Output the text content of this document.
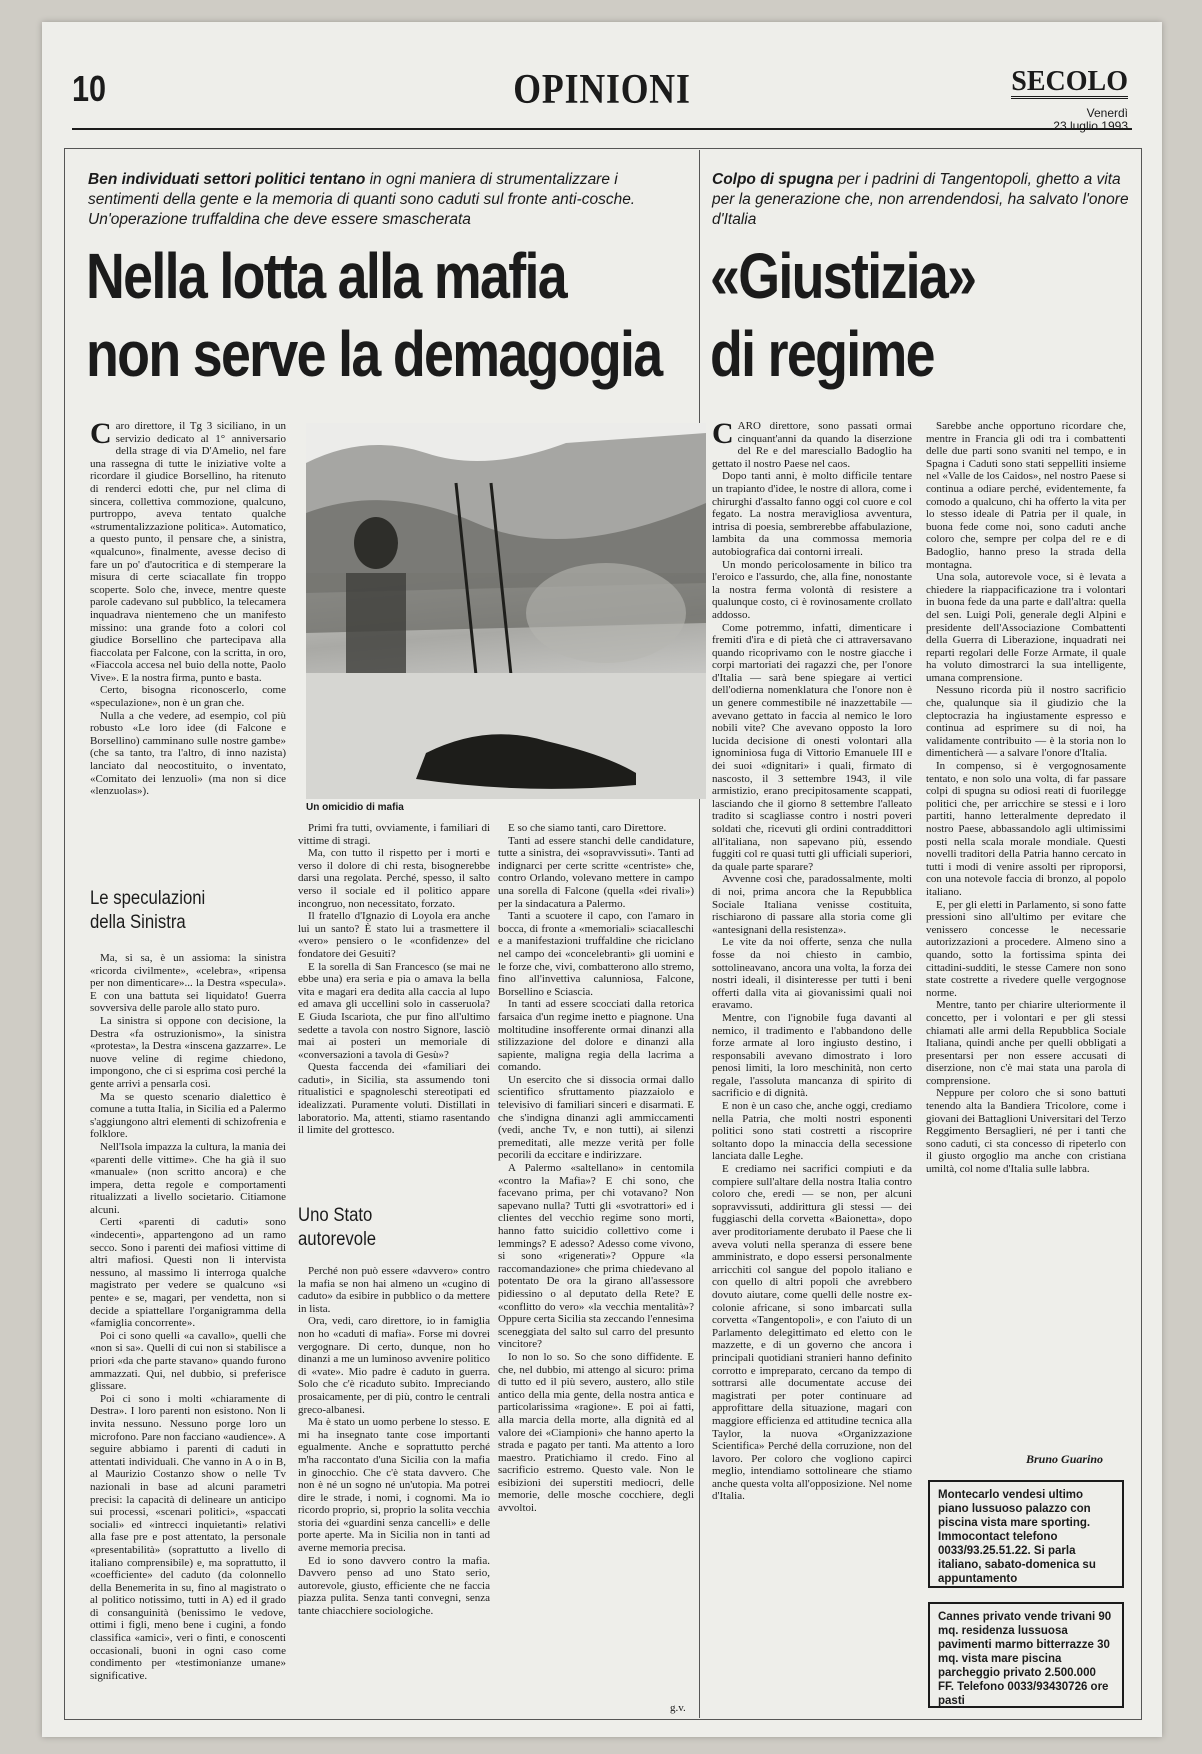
10	OPINIONI	SECOLO
Venerdì
23 luglio 1993
Ben individuati settori politici tentano in ogni maniera di strumentalizzare i sentimenti della gente e la memoria di quanti sono caduti sul fronte anti-cosche. Un'operazione truffaldina che deve essere smascherata
Nella lotta alla mafia
non serve la demagogia

Caro direttore, il Tg 3 siciliano, in un servizio dedicato al 1° anniversario della strage di via D'Amelio, nel fare una rassegna di tutte le iniziative volte a ricordare il giudice Borsellino, ha ritenuto di renderci edotti che, pur nel clima di sincera, collettiva commozione, qualcuno, purtroppo, aveva tentato qualche «strumentalizzazione politica». Automatico, a questo punto, il pensare che, a sinistra, «qualcuno», finalmente, avesse deciso di fare un po' d'autocritica e di stemperare la misura di certe sciacallate fin troppo scoperte. Solo che, invece, mentre queste parole cadevano sul pubblico, la telecamera inquadrava nientemeno che un manifesto missino: una grande foto a colori col giudice Borsellino che partecipava alla fiaccolata per Falcone, con la scritta, in oro, «Fiaccola accesa nel buio della notte, Paolo Vive». E la nostra firma, punto e basta.

Certo, bisogna riconoscerlo, come «speculazione», non è un gran che.

Nulla a che vedere, ad esempio, col più robusto «Le loro idee (di Falcone e Borsellino) camminano sulle nostre gambe» (che sa tanto, tra l'altro, di inno nazista) lanciato dal neocostituito, o inventato, «Comitato dei lenzuoli» (ma non si dice «lenzuolas»).

Le speculazioni
della Sinistra

Ma, si sa, è un assioma: la sinistra «ricorda civilmente», «celebra», «ripensa per non dimenticare»... la Destra «specula». E con una battuta sei liquidato! Guerra sovversiva delle parole allo stato puro.

La sinistra si oppone con decisione, la Destra «fa ostruzionismo», la sinistra «protesta», la Destra «inscena gazzarre». Le nuove veline di regime chiedono, impongono, che ci si esprima così perché la gente arrivi a pensarla così.

Ma se questo scenario dialettico è comune a tutta Italia, in Sicilia ed a Palermo s'aggiungono altri elementi di schizofrenia e folklore.

Nell'Isola impazza la cultura, la mania dei «parenti delle vittime». Che ha già il suo «manuale» (non scritto ancora) e che impera, detta regole e comportamenti ritualizzati a livello societario. Citiamone alcuni.

Certi «parenti di caduti» sono «indecenti», appartengono ad un ramo secco. Sono i parenti dei mafiosi vittime di altri mafiosi. Questi non li intervista nessuno, al massimo li interroga qualche magistrato per vedere se qualcuno «si pente» e se, magari, per vendetta, non si decide a spiattellare l'organigramma della «famiglia concorrente».

Poi ci sono quelli «a cavallo», quelli che «non si sa». Quelli di cui non si stabilisce a priori «da che parte stavano» quando furono ammazzati. Qui, nel dubbio, si preferisce glissare.

Poi ci sono i molti «chiaramente di Destra». I loro parenti non esistono. Non li invita nessuno. Nessuno porge loro un microfono. Pare non facciano «audience». A seguire abbiamo i parenti di caduti in attentati individuali. Che vanno in A o in B, al Maurizio Costanzo show o nelle Tv nazionali in base ad alcuni parametri precisi: la capacità di delineare un anticipo sui processi, «scenari politici», «spaccati sociali» ed «intrecci inquietanti» relativi alla fase pre e post attentato, la personale «presentabilità» (soprattutto a livello di italiano comprensibile) e, ma soprattutto, il «coefficiente» del caduto (da colonnello della Benemerita in su, fino al magistrato o al politico notissimo, tutti in A) ed il grado di consanguinità (benissimo le vedove, ottimi i figli, meno bene i cugini, a fondo classifica «amici», veri o finti, e conoscenti occasionali, buoni in ogni caso come condimento per «testimonianze umane» significative.

Un omicidio di mafia

Primi fra tutti, ovviamente, i familiari di vittime di stragi.

Ma, con tutto il rispetto per i morti e verso il dolore di chi resta, bisognerebbe darsi una regolata. Perché, spesso, il salto verso il sociale ed il politico appare incongruo, non necessitato, forzato.

Il fratello d'Ignazio di Loyola era anche lui un santo? È stato lui a trasmettere il «vero» pensiero o le «confidenze» del fondatore dei Gesuiti?

E la sorella di San Francesco (se mai ne ebbe una) era seria e pia o amava la bella vita e magari era dedita alla caccia al lupo ed amava gli uccellini solo in casseruola? E Giuda Iscariota, che pur fino all'ultimo sedette a tavola con nostro Signore, lasciò mai ai posteri un memoriale di «conversazioni a tavola di Gesù»?

Questa faccenda dei «familiari dei caduti», in Sicilia, sta assumendo toni ritualistici e spagnoleschi stereotipati ed idealizzati. Puramente voluti. Distillati in laboratorio. Ma, attenti, stiamo rasentando il limite del grottesco.

Uno Stato
autorevole

Perché non può essere «davvero» contro la mafia se non hai almeno un «cugino di caduto» da esibire in pubblico o da mettere in lista.

Ora, vedi, caro direttore, io in famiglia non ho «caduti di mafia». Forse mi dovrei vergognare. Di certo, dunque, non ho dinanzi a me un luminoso avvenire politico di «vate». Mio padre è caduto in guerra. Solo che c'è ricaduto subito. Impreciando prosaicamente, per di più, contro le centrali greco-albanesi.

Ma è stato un uomo perbene lo stesso. E mi ha insegnato tante cose importanti egualmente. Anche e soprattutto perché m'ha raccontato d'una Sicilia con la mafia in ginocchio. Che c'è stata davvero. Che non è né un sogno né un'utopia. Ma potrei dire le strade, i nomi, i cognomi. Ma io ricordo proprio, si, proprio la solita vecchia storia dei «guardini senza cancelli» e delle porte aperte. Ma in Sicilia non in tanti ad averne memoria precisa.

Ed io sono davvero contro la mafia. Davvero penso ad uno Stato serio, autorevole, giusto, efficiente che ne faccia piazza pulita. Senza tanti convegni, senza tante chiacchiere sociologiche.

E so che siamo tanti, caro Direttore.

Tanti ad essere stanchi delle candidature, tutte a sinistra, dei «sopravvissuti». Tanti ad indignarci per certe scritte «centriste» che, contro Orlando, volevano mettere in campo una sorella di Falcone (quella «dei rivali») per la sindacatura a Palermo.

Tanti a scuotere il capo, con l'amaro in bocca, di fronte a «memoriali» sciacalleschi e a manifestazioni truffaldine che riciclano nel campo dei «concelebranti» gli uomini e le forze che, vivi, combatterono allo stremo, fino all'invettiva calunniosa, Falcone, Borsellino e Sciascia.

In tanti ad essere scocciati dalla retorica farsaica d'un regime inetto e piagnone. Una moltitudine insofferente ormai dinanzi alla stilizzazione del dolore e dinanzi alla sapiente, maligna regia della lacrima a comando.

Un esercito che si dissocia ormai dallo scientifico sfruttamento piazzaiolo e televisivo di familiari sinceri e disarmati. E che s'indigna dinanzi agli ammiccamenti (vedi, anche Tv, e non tutti), ai silenzi premeditati, alle mezze verità per folle pecorili da eccitare e indirizzare.

A Palermo «saltellano» in centomila «contro la Mafia»? E chi sono, che facevano prima, per chi votavano? Non sapevano nulla? Tutti gli «svotrattori» ed i clientes del vecchio regime sono morti, hanno fatto suicidio collettivo come i lemmings? E adesso? Adesso come vivono, si sono «rigenerati»? Oppure «la raccomandazione» che prima chiedevano al potentato De ora la girano all'assessore pidiessino o al deputato della Rete? E «conflitto do vero» «la vecchia mentalità»? Oppure certa Sicilia sta zeccando l'ennesima sceneggiata del salto sul carro del presunto vincitore?

Io non lo so. So che sono diffidente. E che, nel dubbio, mi attengo al sicuro: prima di tutto ed il più severo, austero, allo stile antico della mia gente, della nostra antica e particolarissima «ragione». E poi ai fatti, alla marcia della morte, alla dignità ed al valore dei «Ciampioni» che hanno aperto la strada e pagato per tanti. Ma attento a loro maestro. Pratichiamo il credo. Fino al sacrificio estremo. Questo vale. Non le esibizioni dei superstiti mediocri, delle memorie, delle mosche cocchiere, degli avvoltoi.

g.v.
Colpo di spugna per i padrini di Tangentopoli, ghetto a vita per la generazione che, non arrendendosi, ha salvato l'onore d'Italia
«Giustizia»
di regime

CARO direttore, sono passati ormai cinquant'anni da quando la diserzione del Re e del maresciallo Badoglio ha gettato il nostro Paese nel caos.

Dopo tanti anni, è molto difficile tentare un trapianto d'idee, le nostre di allora, come i chirurghi d'assalto fanno oggi col cuore e col fegato. La nostra meravigliosa avventura, intrisa di poesia, sembrerebbe affabulazione, lambita da una commossa memoria autobiografica dai contorni irreali.

Un mondo pericolosamente in bilico tra l'eroico e l'assurdo, che, alla fine, nonostante la nostra ferma volontà di resistere a qualunque costo, ci è rovinosamente crollato addosso.

Come potremmo, infatti, dimenticare i fremiti d'ira e di pietà che ci attraversavano quando ricoprivamo con le nostre giacche i corpi martoriati dei ragazzi che, per l'onore d'Italia — sarà bene spiegare ai vertici dell'odierna nomenklatura che l'onore non è un genere commestibile né inazzettabile — avevano gettato in faccia al nemico le loro nobili vite? Che avevano opposto la loro lucida decisione di onesti volontari alla ignominiosa fuga di Vittorio Emanuele III e dei suoi «dignitari» i quali, firmato di nascosto, il 3 settembre 1943, il vile armistizio, erano precipitosamente scappati, lasciando che il giorno 8 settembre l'alleato tradito si scagliasse contro i nostri poveri soldati che, ricevuti gli ordini contraddittori all'italiana, non sapevano più, essendo fuggiti col re quasi tutti gli ufficiali superiori, da quale parte sparare?

Avvenne così che, paradossalmente, molti di noi, prima ancora che la Repubblica Sociale Italiana venisse costituita, rischiarono di passare alla storia come gli «antesignani della resistenza».

Le vite da noi offerte, senza che nulla fosse da noi chiesto in cambio, sottolineavano, ancora una volta, la forza dei nostri ideali, il disinteresse per tutti i beni offerti dalla vita ai giovanissimi quali noi eravamo.

Mentre, con l'ignobile fuga davanti al nemico, il tradimento e l'abbandono delle forze armate al loro ingiusto destino, i responsabili avevano dimostrato i loro penosi limiti, la loro meschinità, non certo regale, l'assoluta mancanza di spirito di sacrificio e di dignità.

E non è un caso che, anche oggi, crediamo nella Patria, che molti nostri esponenti politici sono stati costretti a riscoprire soltanto dopo la minaccia della secessione lanciata dalle Leghe.

E crediamo nei sacrifici compiuti e da compiere sull'altare della nostra Italia contro coloro che, eredi — se non, per alcuni sopravvissuti, addirittura gli stessi — dei fuggiaschi della corvetta «Baionetta», dopo aver proditoriamente derubato il Paese che li aveva voluti nella speranza di essere bene amministrato, e dopo essersi personalmente arricchiti col sangue del popolo italiano e con quello di altri popoli che avrebbero dovuto aiutare, come quelli delle nostre ex-colonie africane, si sono imbarcati sulla corvetta «Tangentopoli», e con l'aiuto di un Parlamento delegittimato ed eletto con le mazzette, e di un governo che ancora i principali quotidiani stranieri hanno definito corrotto e impreparato, cercano da tempo di sottrarsi alle documentate accuse dei magistrati per poter continuare ad approfittare della situazione, magari con maggiore efficienza ed attitudine tecnica alla Taylor, la nuova «Organizzazione Scientifica» Perché della corruzione, non del lavoro. Per coloro che vogliono capirci meglio, intendiamo sottolineare che stiamo anche questa volta all'opposizione. Nel nome d'Italia.

Sarebbe anche opportuno ricordare che, mentre in Francia gli odi tra i combattenti delle due parti sono svaniti nel tempo, e in Spagna i Caduti sono stati seppelliti insieme nel «Valle de los Caidos», nel nostro Paese si continua a odiare perché, evidentemente, fa comodo a qualcuno, chi ha offerto la vita per lo stesso ideale di Patria per il quale, in buona fede come noi, sono caduti anche coloro che, sempre per colpa del re e di Badoglio, hanno preso la strada della montagna.

Una sola, autorevole voce, si è levata a chiedere la riappacificazione tra i volontari in buona fede da una parte e dall'altra: quella del sen. Luigi Poli, generale degli Alpini e presidente dell'Associazione Combattenti della Guerra di Liberazione, inquadrati nei reparti regolari delle Forze Armate, il quale ha voluto dimostrarci la sua intelligente, umana comprensione.

Nessuno ricorda più il nostro sacrificio che, qualunque sia il giudizio che la cleptocrazia ha ingiustamente espresso e continua ad esprimere su di noi, ha validamente contribuito — è la storia non lo dimenticherà — a salvare l'onore d'Italia.

In compenso, si è vergognosamente tentato, e non solo una volta, di far passare colpi di spugna su odiosi reati di fuorilegge politici che, per arricchire se stessi e i loro partiti, hanno letteralmente depredato il nostro Paese, abbassandolo agli ultimissimi posti nella scala morale mondiale. Questi novelli traditori della Patria hanno cercato in tutti i modi di venire assolti per riproporsi, con una notevole faccia di bronzo, al popolo italiano.

E, per gli eletti in Parlamento, si sono fatte pressioni sino all'ultimo per evitare che venissero concesse le necessarie autorizzazioni a procedere. Almeno sino a quando, sotto la fortissima spinta dei cittadini-sudditi, le stesse Camere non sono state costrette a rivedere quelle vergognose norme.

Mentre, tanto per chiarire ulteriormente il concetto, per i volontari e per gli stessi chiamati alle armi della Repubblica Sociale Italiana, quindi anche per quelli obbligati a presentarsi per non essere accusati di diserzione, non c'è mai stata una parola di comprensione.

Neppure per coloro che si sono battuti tenendo alta la Bandiera Tricolore, come i giovani dei Battaglioni Universitari del Terzo Reggimento Bersaglieri, né per i tanti che sono caduti, ci sta concesso di ripeterlo con il giusto orgoglio ma anche con cristiana umiltà, col nome d'Italia sulle labbra.

Bruno Guarino
Montecarlo vendesi ultimo piano lussuoso palazzo con piscina vista mare sporting. Immocontact telefono 0033/93.25.51.22. Si parla italiano, sabato-domenica su appuntamento
Cannes privato vende trivani 90 mq. residenza lussuosa pavimenti marmo bitterrazze 30 mq. vista mare piscina parcheggio privato 2.500.000 FF. Telefono 0033/93430726 ore pasti
